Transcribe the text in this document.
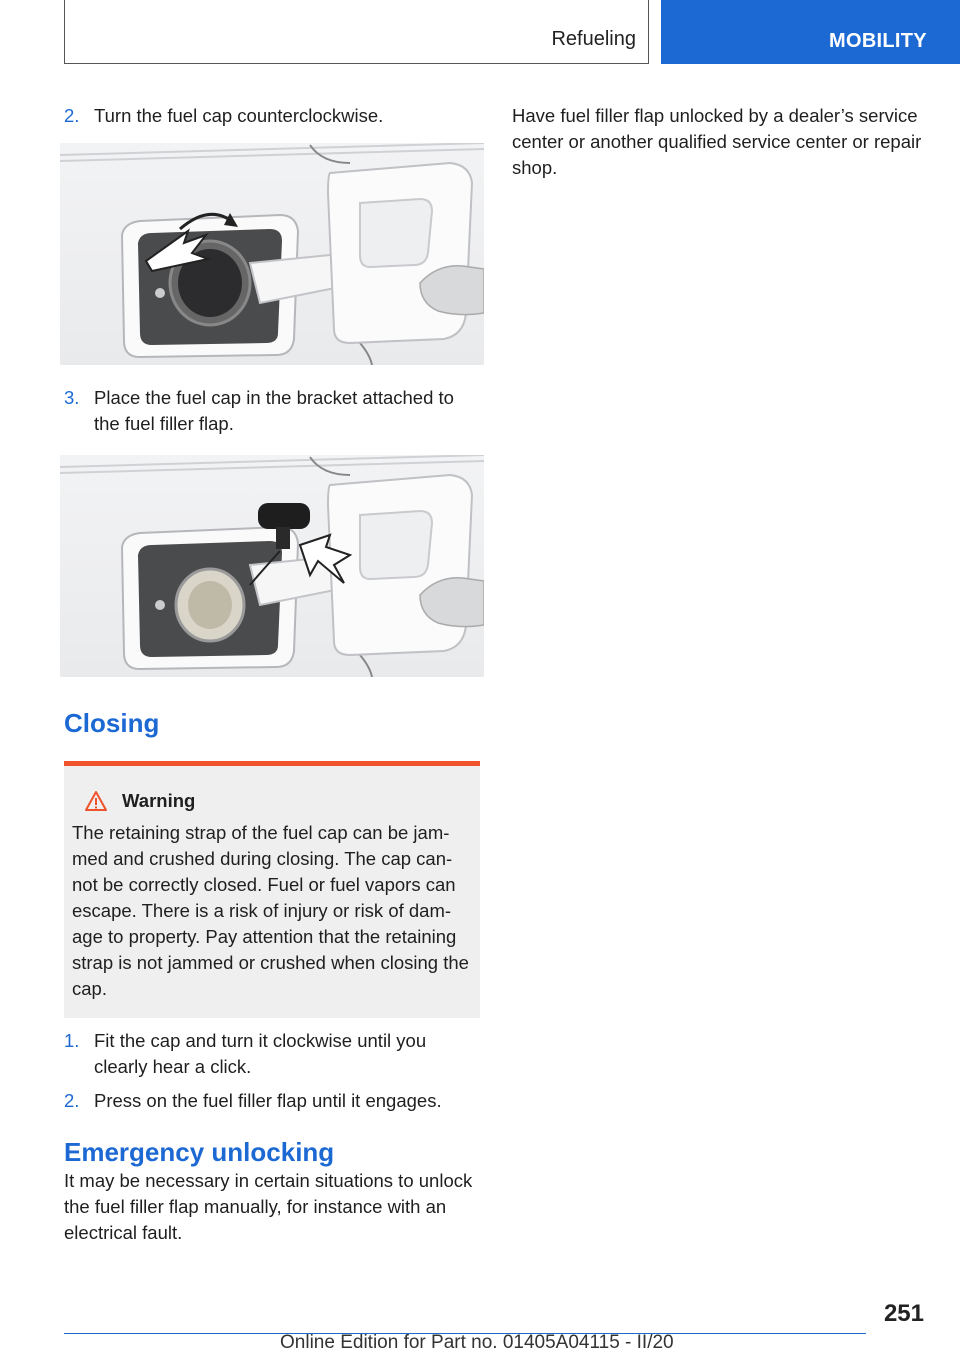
Refueling	MOBILITY
2. Turn the fuel cap counterclockwise.
3. Place the fuel cap in the bracket attached to the fuel filler flap.
Closing
Warning
The retaining strap of the fuel cap can be jammed and crushed during closing. The cap cannot be correctly closed. Fuel or fuel vapors can escape. There is a risk of injury or risk of damage to property. Pay attention that the retaining strap is not jammed or crushed when closing the cap.
1. Fit the cap and turn it clockwise until you clearly hear a click.
2. Press on the fuel filler flap until it engages.
Emergency unlocking

It may be necessary in certain situations to unlock the fuel filler flap manually, for instance with an electrical fault.

Have fuel filler flap unlocked by a dealer’s service center or another qualified service center or repair shop.

251
Online Edition for Part no. 01405A04115 - II/20
